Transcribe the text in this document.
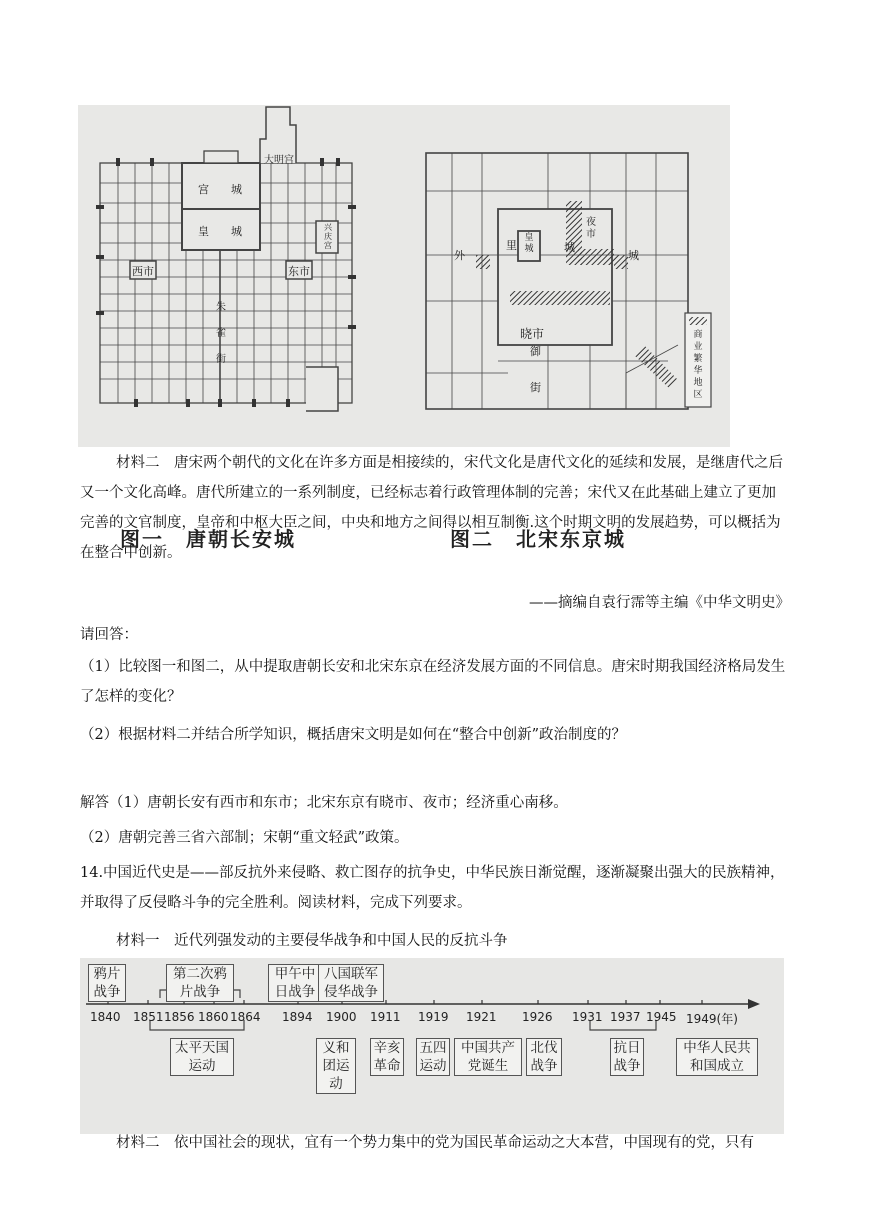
大明宫
宫　　城
皇　　城	兴庆宫
西市	东市
朱雀街
外
里
皇城	城
夜市
城
晓市
御
街
商业繁华地区
图一　唐朝长安城	图二　北宋东京城
材料二　唐宋两个朝代的文化在许多方面是相接续的，宋代文化是唐代文化的延续和发展，是继唐代之后又一个文化高峰。唐代所建立的一系列制度，已经标志着行政管理体制的完善；宋代又在此基础上建立了更加完善的文官制度，皇帝和中枢大臣之间，中央和地方之间得以相互制衡.这个时期文明的发展趋势，可以概括为在整合中创新。
——摘编自袁行霈等主编《中华文明史》
请回答：
（1）比较图一和图二，从中提取唐朝长安和北宋东京在经济发展方面的不同信息。唐宋时期我国经济格局发生了怎样的变化？
（2）根据材料二并结合所学知识，概括唐宋文明是如何在“整合中创新”政治制度的？
解答（1）唐朝长安有西市和东市；北宋东京有晓市、夜市；经济重心南移。
（2）唐朝完善三省六部制；宋朝“重文轻武”政策。
14.中国近代史是——部反抗外来侵略、救亡图存的抗争史，中华民族日渐觉醒，逐渐凝聚出强大的民族精神，并取得了反侵略斗争的完全胜利。阅读材料，完成下列要求。
材料一　近代列强发动的主要侵华战争和中国人民的反抗斗争
鸦片战争
第二次鸦片战争
甲午中日战争
八国联军侵华战争
1840 1851 1856 1860 1864 1894 1900 1911 1919 1921 1926 1931 1937 1945 1949(年)
太平天国运动
义和团运动
辛亥革命
五四运动
中国共产党诞生
北伐战争
抗日战争
中华人民共和国成立
材料二　依中国社会的现状，宜有一个势力集中的党为国民革命运动之大本营，中国现有的党，只有
